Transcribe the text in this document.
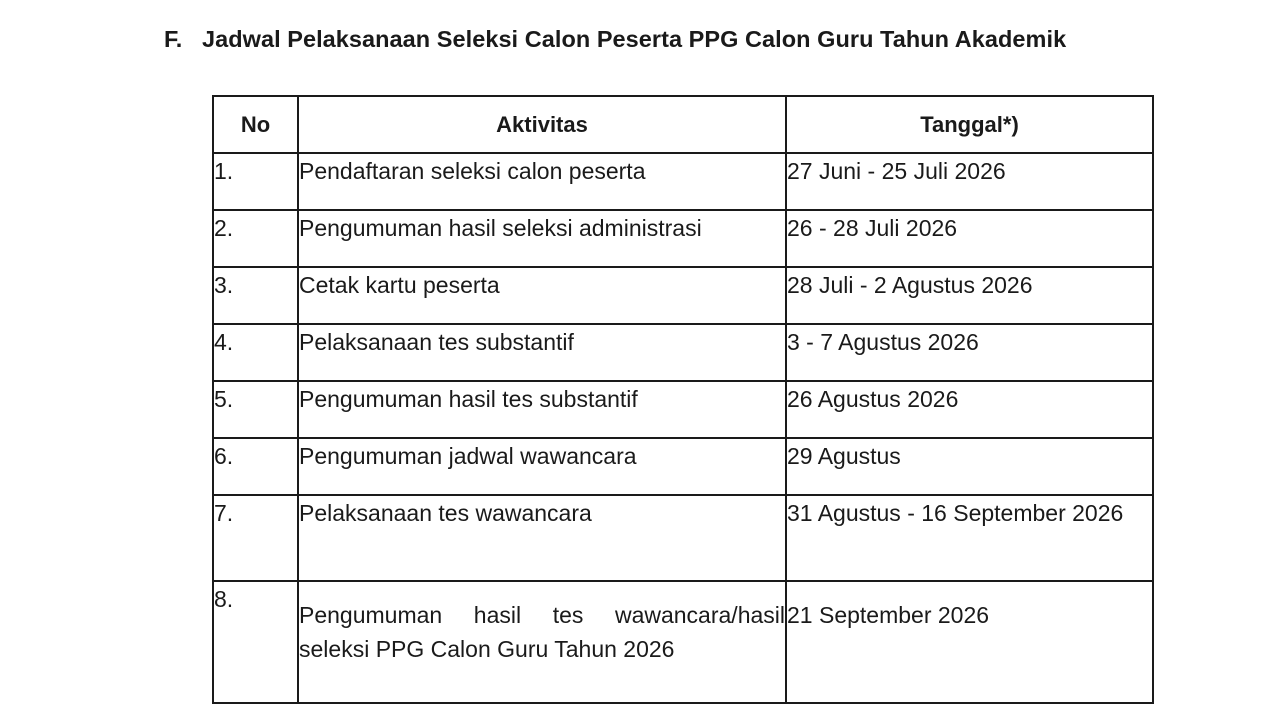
F. Jadwal Pelaksanaan Seleksi Calon Peserta PPG Calon Guru Tahun Akademik
No	Aktivitas	Tanggal*)
1.	Pendaftaran seleksi calon peserta	27 Juni - 25 Juli 2026
2.	Pengumuman hasil seleksi administrasi	26 - 28 Juli 2026
3.	Cetak kartu peserta	28 Juli - 2 Agustus 2026
4.	Pelaksanaan tes substantif	3 - 7 Agustus 2026
5.	Pengumuman hasil tes substantif	26 Agustus 2026
6.	Pengumuman jadwal wawancara	29 Agustus
7.	Pelaksanaan tes wawancara	31 Agustus - 16 September 2026
8.	Pengumuman hasil tes wawancara/hasil seleksi PPG Calon Guru Tahun 2026	21 September 2026
